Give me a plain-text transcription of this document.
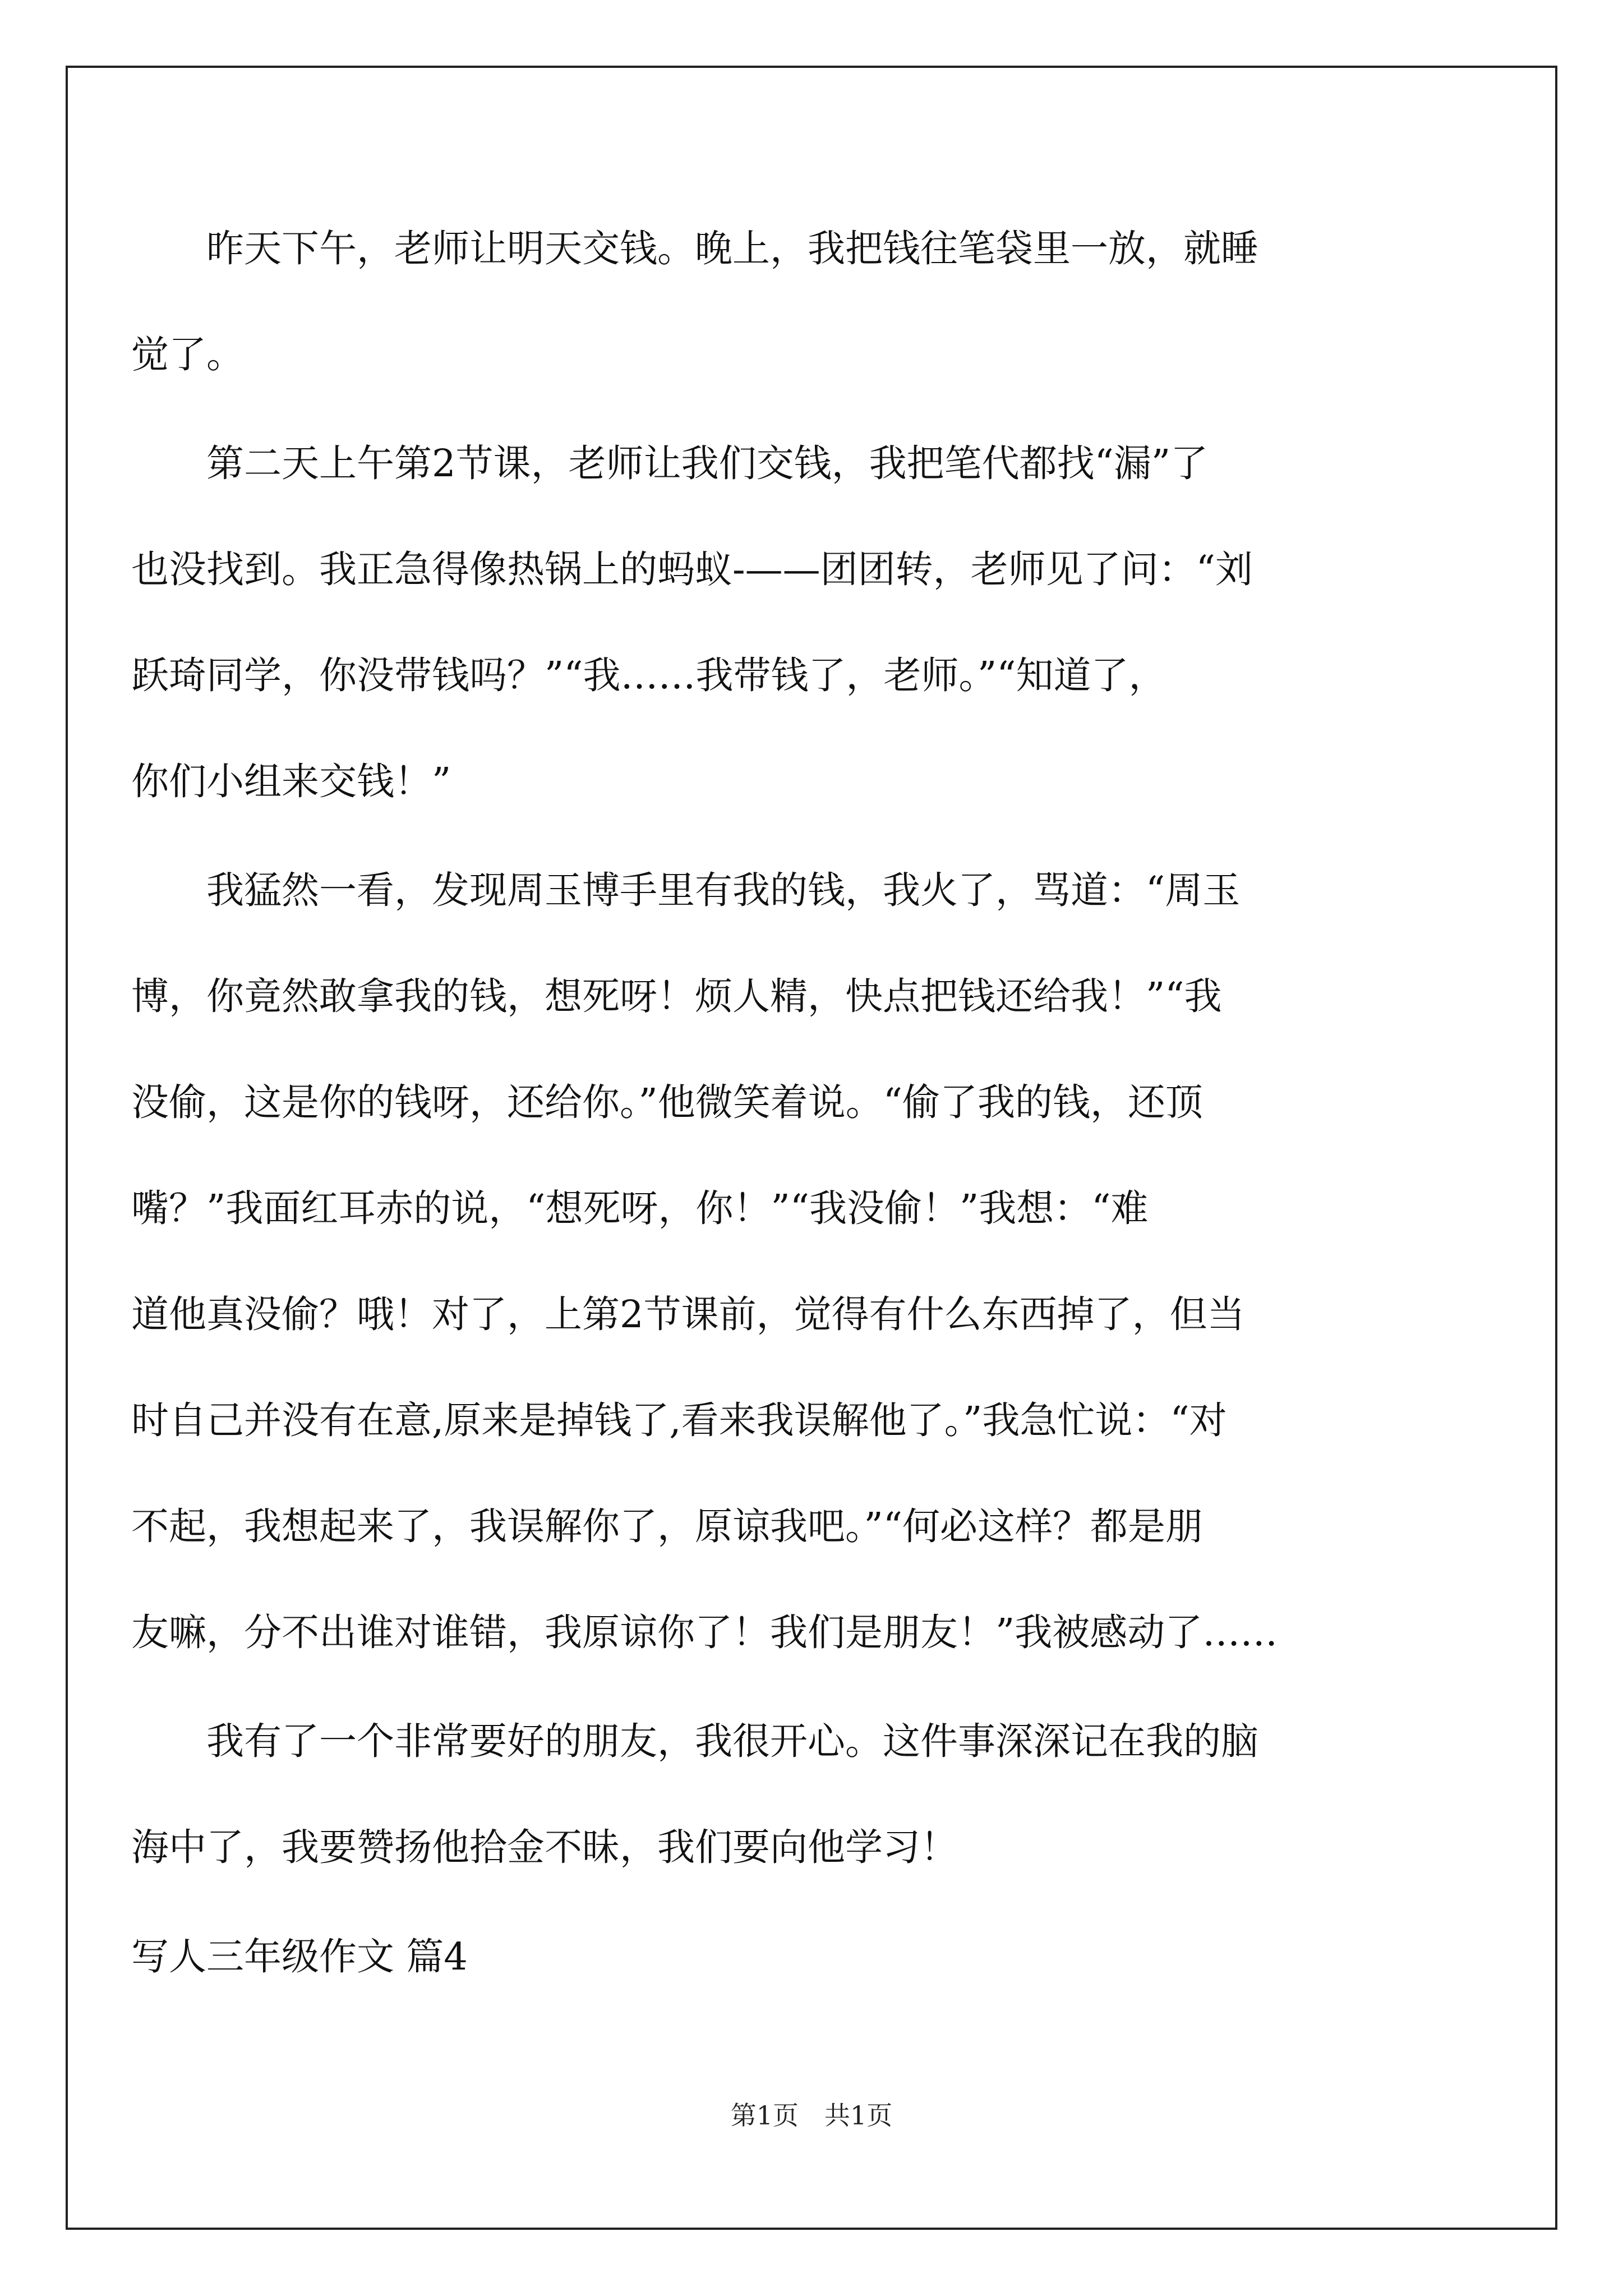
　　昨天下午，老师让明天交钱。晚上，我把钱往笔袋里一放，就睡
觉了。
　　第二天上午第2节课，老师让我们交钱，我把笔代都找“漏”了
也没找到。我正急得像热锅上的蚂蚁-——团团转，老师见了问：“刘
跃琦同学，你没带钱吗？”“我……我带钱了，老师。”“知道了，
你们小组来交钱！”
　　我猛然一看，发现周玉博手里有我的钱，我火了，骂道：“周玉
博，你竟然敢拿我的钱，想死呀！烦人精，快点把钱还给我！”“我
没偷，这是你的钱呀，还给你。”他微笑着说。“偷了我的钱，还顶
嘴？”我面红耳赤的说，“想死呀，你！”“我没偷！”我想：“难
道他真没偷？哦！对了，上第2节课前，觉得有什么东西掉了，但当
时自己并没有在意,原来是掉钱了,看来我误解他了。”我急忙说：“对
不起，我想起来了，我误解你了，原谅我吧。”“何必这样？都是朋
友嘛，分不出谁对谁错，我原谅你了！我们是朋友！”我被感动了……
　　我有了一个非常要好的朋友，我很开心。这件事深深记在我的脑
海中了，我要赞扬他拾金不昧，我们要向他学习！
写人三年级作文 篇4
第1页　共1页
